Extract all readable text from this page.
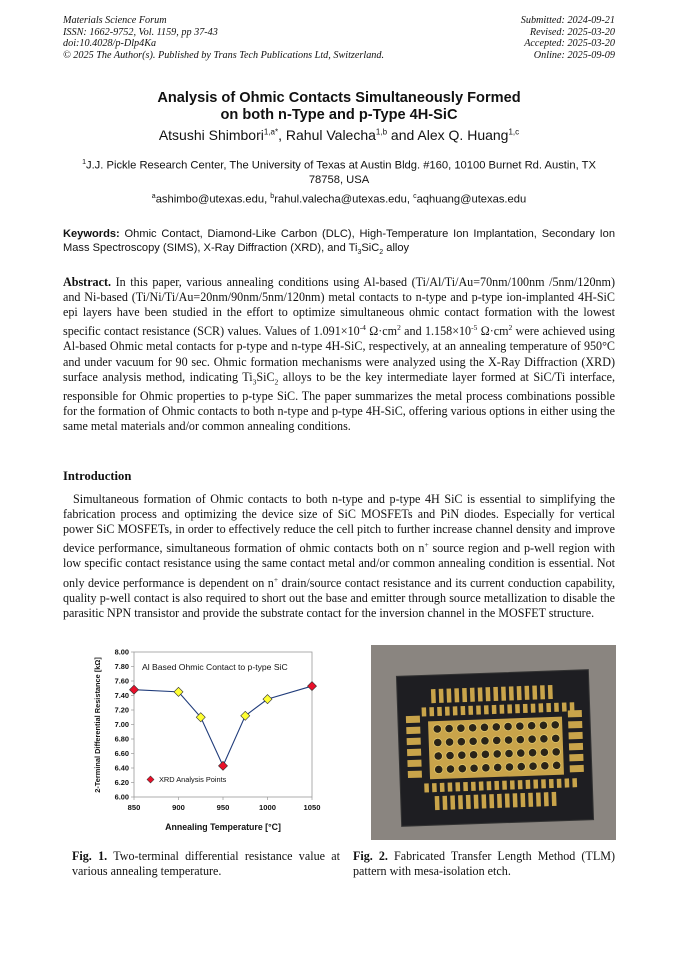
Materials Science Forum
ISSN: 1662-9752, Vol. 1159, pp 37-43
doi:10.4028/p-Dlp4Ka
© 2025 The Author(s). Published by Trans Tech Publications Ltd, Switzerland.
Submitted: 2024-09-21
Revised: 2025-03-20
Accepted: 2025-03-20
Online: 2025-09-09
Analysis of Ohmic Contacts Simultaneously Formed
on both n-Type and p-Type 4H-SiC
Atsushi Shimbori$^{1,a*}$, Rahul Valecha$^{1,b}$ and Alex Q. Huang$^{1,c}$
$^1$J.J. Pickle Research Center, The University of Texas at Austin Bldg. #160, 10100 Burnet Rd. Austin, TX 78758, USA
$^a$ashimbo@utexas.edu, $^b$rahul.valecha@utexas.edu, $^c$aqhuang@utexas.edu
Keywords: Ohmic Contact, Diamond-Like Carbon (DLC), High-Temperature Ion Implantation, Secondary Ion Mass Spectroscopy (SIMS), X-Ray Diffraction (XRD), and $Ti_3SiC_2$ alloy
Abstract. In this paper, various annealing conditions using Al-based (Ti/Al/Ti/Au=70nm/100nm /5nm/120nm) and Ni-based (Ti/Ni/Ti/Au=20nm/90nm/5nm/120nm) metal contacts to n-type and p-type ion-implanted 4H-SiC epi layers have been studied in the effort to optimize simultaneous ohmic contact formation with the lowest specific contact resistance (SCR) values. Values of $1.091\times 10^{-4}$ $\Omega\cdot cm^2$ and $1.158\times 10^{-5}$ $\Omega\cdot cm^2$ were achieved using Al-based Ohmic metal contacts for p-type and n-type 4H-SiC, respectively, at an annealing temperature of 950°C and under vacuum for 90 sec. Ohmic formation mechanisms were analyzed using the X-Ray Diffraction (XRD) surface analysis method, indicating $Ti_3SiC_2$ alloys to be the key intermediate layer formed at SiC/Ti interface, responsible for Ohmic properties to p-type SiC. The paper summarizes the metal process combinations possible for the formation of Ohmic contacts to both n-type and p-type 4H-SiC, offering various options in either using the same metal materials and/or common annealing conditions.
Introduction
Simultaneous formation of Ohmic contacts to both n-type and p-type 4H SiC is essential to simplifying the fabrication process and optimizing the device size of SiC MOSFETs and PiN diodes. Especially for vertical power SiC MOSFETs, in order to effectively reduce the cell pitch to further increase channel density and improve device performance, simultaneous formation of ohmic contacts both on n+ source region and p-well region with low specific contact resistance using the same contact metal and/or common annealing condition is essential. Not only device performance is dependent on n+ drain/source contact resistance and its current conduction capability, quality p-well contact is also required to short out the base and emitter through source metallization to disable the parasitic NPN transistor and provide the substrate contact for the inversion channel in the MOSFET structure.
Al Based Ohmic Contact to p-type SiC
6.00
6.20
6.40
6.60
6.80
7.00
7.20
7.40
7.60
7.80
8.00
850	900	950	1000	1050
XRD Analysis Points
Annealing Temperature [°C]
2-Terminal Differential Resistance [kΩ]
Fig. 1. Two-terminal differential resistance value at various annealing temperature.
Fig. 2. Fabricated Transfer Length Method (TLM) pattern with mesa-isolation etch.
